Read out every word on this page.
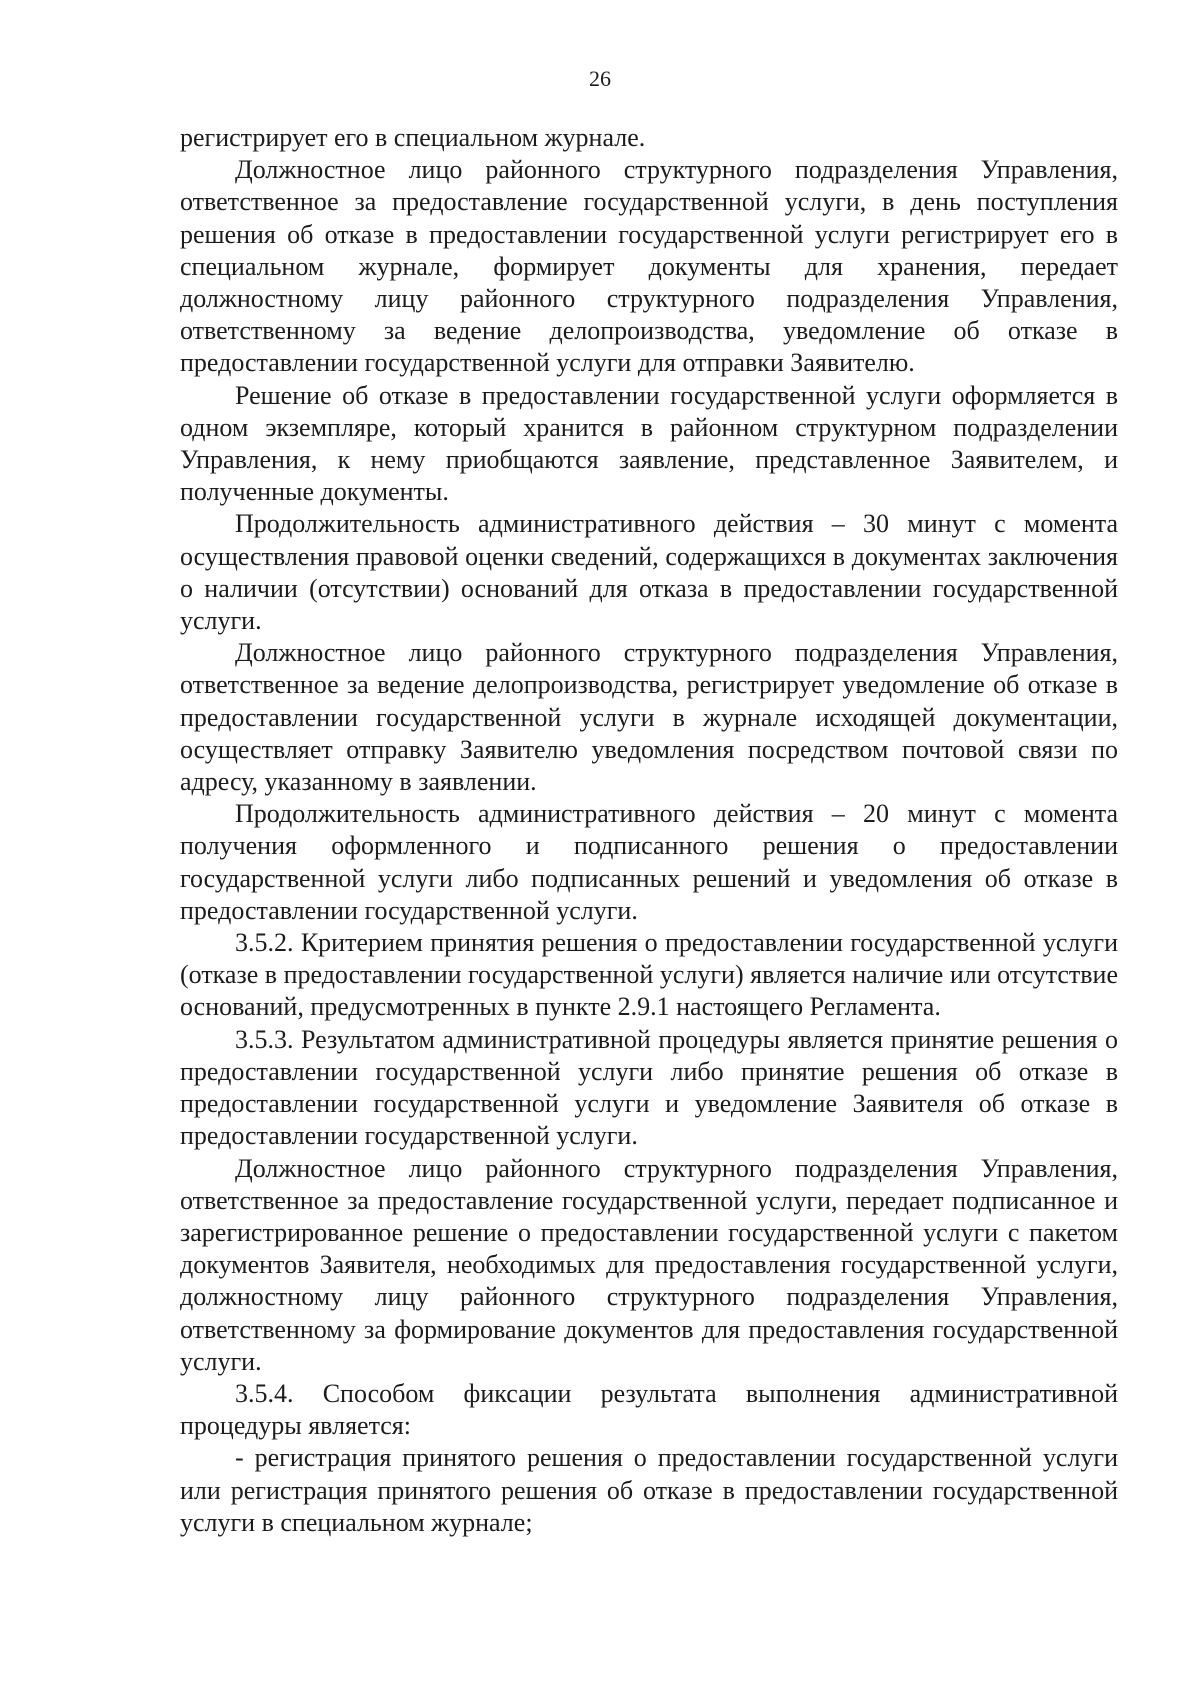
26

регистрирует его в специальном журнале.

Должностное лицо районного структурного подразделения Управления, ответственное за предоставление государственной услуги, в день поступления решения об отказе в предоставлении государственной услуги регистрирует его в специальном журнале, формирует документы для хранения, передает должностному лицу районного структурного подразделения Управления, ответственному за ведение делопроизводства, уведомление об отказе в предоставлении государственной услуги для отправки Заявителю.

Решение об отказе в предоставлении государственной услуги оформляется в одном экземпляре, который хранится в районном структурном подразделении Управления, к нему приобщаются заявление, представленное Заявителем, и полученные документы.

Продолжительность административного действия – 30 минут с момента осуществления правовой оценки сведений, содержащихся в документах заключения о наличии (отсутствии) оснований для отказа в предоставлении государственной услуги.

Должностное лицо районного структурного подразделения Управления, ответственное за ведение делопроизводства, регистрирует уведомление об отказе в предоставлении государственной услуги в журнале исходящей документации, осуществляет отправку Заявителю уведомления посредством почтовой связи по адресу, указанному в заявлении.

Продолжительность административного действия – 20 минут с момента получения оформленного и подписанного решения о предоставлении государственной услуги либо подписанных решений и уведомления об отказе в предоставлении государственной услуги.

3.5.2. Критерием принятия решения о предоставлении государственной услуги (отказе в предоставлении государственной услуги) является наличие или отсутствие оснований, предусмотренных в пункте 2.9.1 настоящего Регламента.

3.5.3. Результатом административной процедуры является принятие решения о предоставлении государственной услуги либо принятие решения об отказе в предоставлении государственной услуги и уведомление Заявителя об отказе в предоставлении государственной услуги.

Должностное лицо районного структурного подразделения Управления, ответственное за предоставление государственной услуги, передает подписанное и зарегистрированное решение о предоставлении государственной услуги с пакетом документов Заявителя, необходимых для предоставления государственной услуги, должностному лицу районного структурного подразделения Управления, ответственному за формирование документов для предоставления государственной услуги.

3.5.4. Способом фиксации результата выполнения административной процедуры является:

- регистрация принятого решения о предоставлении государственной услуги или регистрация принятого решения об отказе в предоставлении государственной услуги в специальном журнале;
